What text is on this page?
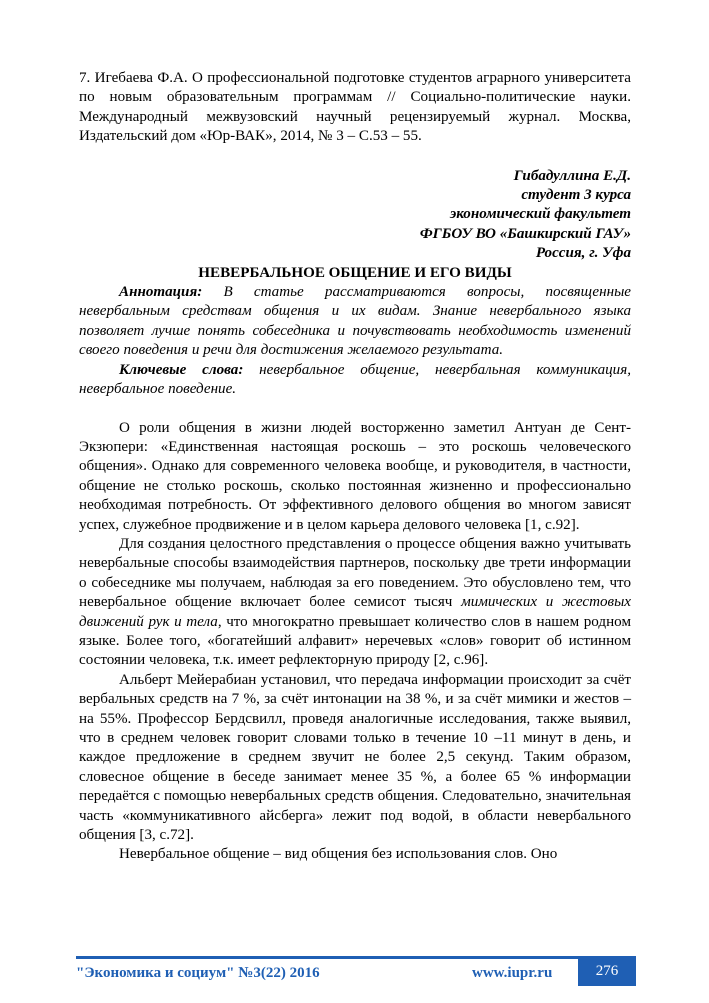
7. Игебаева Ф.А. О профессиональной подготовке студентов аграрного университета по новым образовательным программам // Социально-политические науки. Международный межвузовский научный рецензируемый журнал. Москва, Издательский дом «Юр-ВАК», 2014, № 3 – С.53 – 55.

Гибадуллина Е.Д.
студент 3 курса
экономический факультет
ФГБОУ ВО «Башкирский ГАУ»
Россия, г. Уфа

НЕВЕРБАЛЬНОЕ ОБЩЕНИЕ И ЕГО ВИДЫ

Аннотация: В статье рассматриваются вопросы, посвященные невербальным средствам общения и их видам. Знание невербального языка позволяет лучше понять собеседника и почувствовать необходимость изменений своего поведения и речи для достижения желаемого результата.

Ключевые слова: невербальное общение, невербальная коммуникация, невербальное поведение.

О роли общения в жизни людей восторженно заметил Антуан де Сент-Экзюпери: «Единственная настоящая роскошь – это роскошь человеческого общения». Однако для современного человека вообще, и руководителя, в частности, общение не столько роскошь, сколько постоянная жизненно и профессионально необходимая потребность. От эффективного делового общения во многом зависят успех, служебное продвижение и в целом карьера делового человека [1, с.92].

Для создания целостного представления о процессе общения важно учитывать невербальные способы взаимодействия партнеров, поскольку две трети информации о собеседнике мы получаем, наблюдая за его поведением. Это обусловлено тем, что невербальное общение включает более семисот тысяч мимических и жестовых движений рук и тела, что многократно превышает количество слов в нашем родном языке. Более того, «богатейший алфавит» неречевых «слов» говорит об истинном состоянии человека, т.к. имеет рефлекторную природу [2, с.96].

Альберт Мейерабиан установил, что передача информации происходит за счёт вербальных средств на 7 %, за счёт интонации на 38 %, и за счёт мимики и жестов – на 55%. Профессор Бердсвилл, проведя аналогичные исследования, также выявил, что в среднем человек говорит словами только в течение 10 –11 минут в день, и каждое предложение в среднем звучит не более 2,5 секунд. Таким образом, словесное общение в беседе занимает менее 35 %, а более 65 % информации передаётся с помощью невербальных средств общения. Следовательно, значительная часть «коммуникативного айсберга» лежит под водой, в области невербального общения [3, с.72].

Невербальное общение – вид общения без использования слов. Оно

"Экономика и социум" №3(22) 2016	www.iupr.ru	276
